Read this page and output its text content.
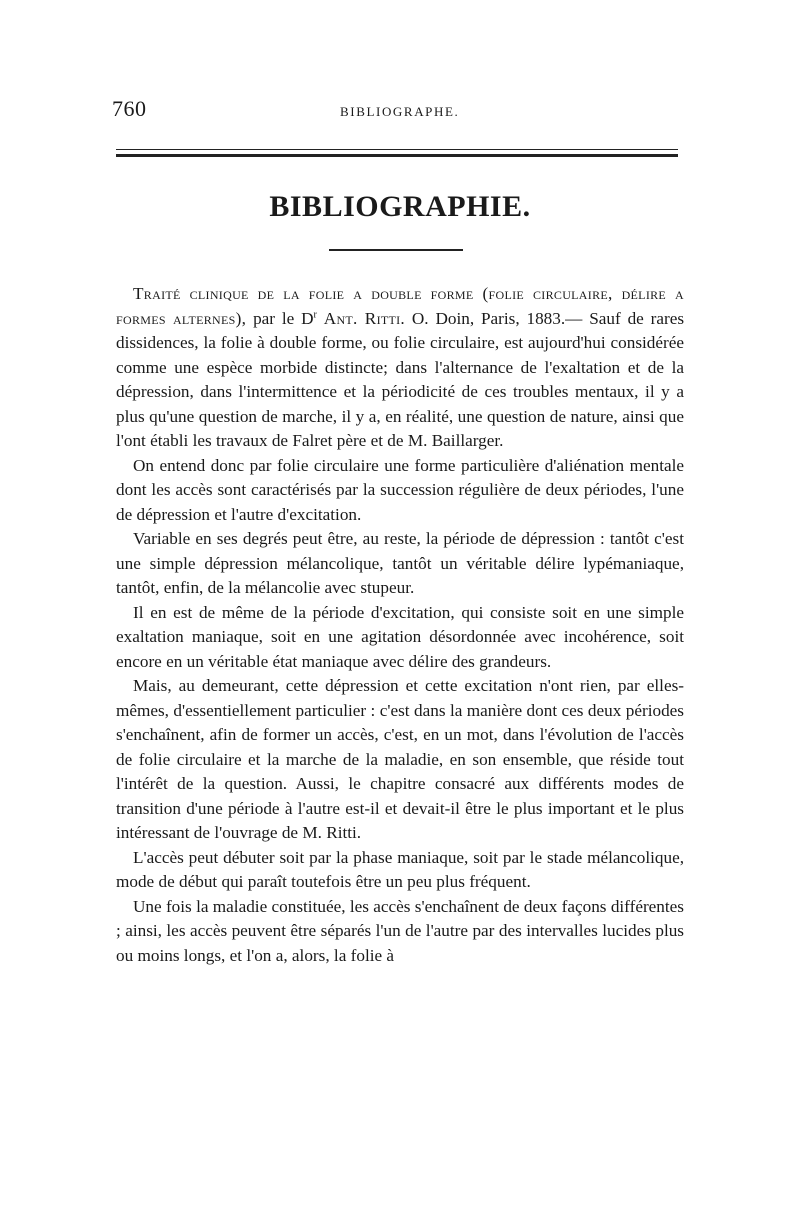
760	BIBLIOGRAPHE.
BIBLIOGRAPHIE.

Traité clinique de la folie a double forme (folie circulaire, délire a formes alternes), par le $D^r$ Ant. Ritti. O. Doin, Paris, 1883.— Sauf de rares dissidences, la folie à double forme, ou folie circulaire, est aujourd'hui considérée comme une espèce morbide distincte; dans l'alternance de l'exaltation et de la dépression, dans l'intermittence et la périodicité de ces troubles mentaux, il y a plus qu'une question de marche, il y a, en réalité, une question de nature, ainsi que l'ont établi les travaux de Falret père et de M. Baillarger.

On entend donc par folie circulaire une forme particulière d'aliénation mentale dont les accès sont caractérisés par la succession régulière de deux périodes, l'une de dépression et l'autre d'excitation.

Variable en ses degrés peut être, au reste, la période de dépression : tantôt c'est une simple dépression mélancolique, tantôt un véritable délire lypémaniaque, tantôt, enfin, de la mélancolie avec stupeur.

Il en est de même de la période d'excitation, qui consiste soit en une simple exaltation maniaque, soit en une agitation désordonnée avec incohérence, soit encore en un véritable état maniaque avec délire des grandeurs.

Mais, au demeurant, cette dépression et cette excitation n'ont rien, par elles-mêmes, d'essentiellement particulier : c'est dans la manière dont ces deux périodes s'enchaînent, afin de former un accès, c'est, en un mot, dans l'évolution de l'accès de folie circulaire et la marche de la maladie, en son ensemble, que réside tout l'intérêt de la question. Aussi, le chapitre consacré aux différents modes de transition d'une période à l'autre est-il et devait-il être le plus important et le plus intéressant de l'ouvrage de M. Ritti.

L'accès peut débuter soit par la phase maniaque, soit par le stade mélancolique, mode de début qui paraît toutefois être un peu plus fréquent.

Une fois la maladie constituée, les accès s'enchaînent de deux façons différentes ; ainsi, les accès peuvent être séparés l'un de l'autre par des intervalles lucides plus ou moins longs, et l'on a, alors, la folie à
